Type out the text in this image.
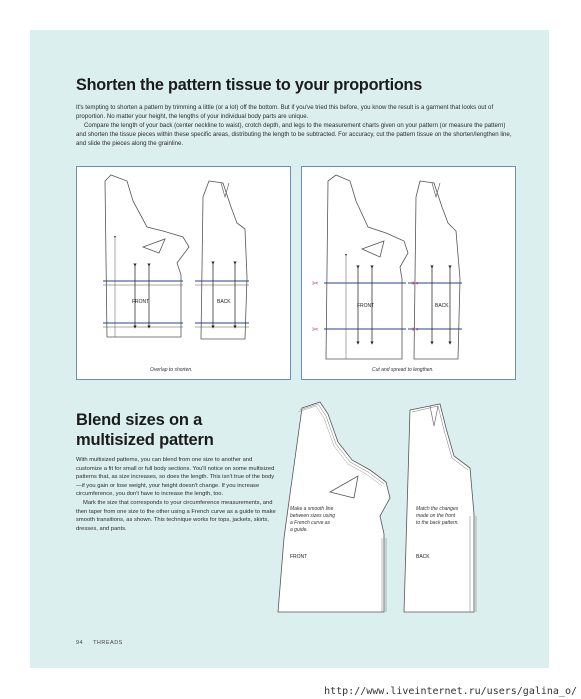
Shorten the pattern tissue to your proportions

It's tempting to shorten a pattern by trimming a little (or a lot) off the bottom. But if you've tried this before, you know the result is a garment that looks out of proportion. No matter your height, the lengths of your individual body parts are unique.

Compare the length of your back (center neckline to waist), crotch depth, and legs to the measurement charts given on your pattern (or measure the pattern) and shorten the tissue pieces within these specific areas, distributing the length to be subtracted. For accuracy, cut the pattern tissue on the shorten/lengthen line, and slide the pieces along the grainline.

FRONT	BACK
Overlap to shorten.
✂
✂
FRONT
✂
✂
BACK
Cut and spread to lengthen.
Blend sizes on a
multisized pattern

With multisized patterns, you can blend from one size to another and customize a fit for small or full body sections. You'll notice on some multisized patterns that, as size increases, so does the length. This isn't true of the body—if you gain or lose weight, your height doesn't change. If you increase circumference, you don't have to increase the length, too.

Mark the size that corresponds to your circumference measurements, and then taper from one size to the other using a French curve as a guide to make smooth transitions, as shown. This technique works for tops, jackets, skirts, dresses, and pants.

Make a smooth line
between sizes using
a French curve as
a guide.
FRONT
Match the changes
made on the front
to the back pattern.
BACK
94 THREADS
http://www.liveinternet.ru/users/galina_o/
